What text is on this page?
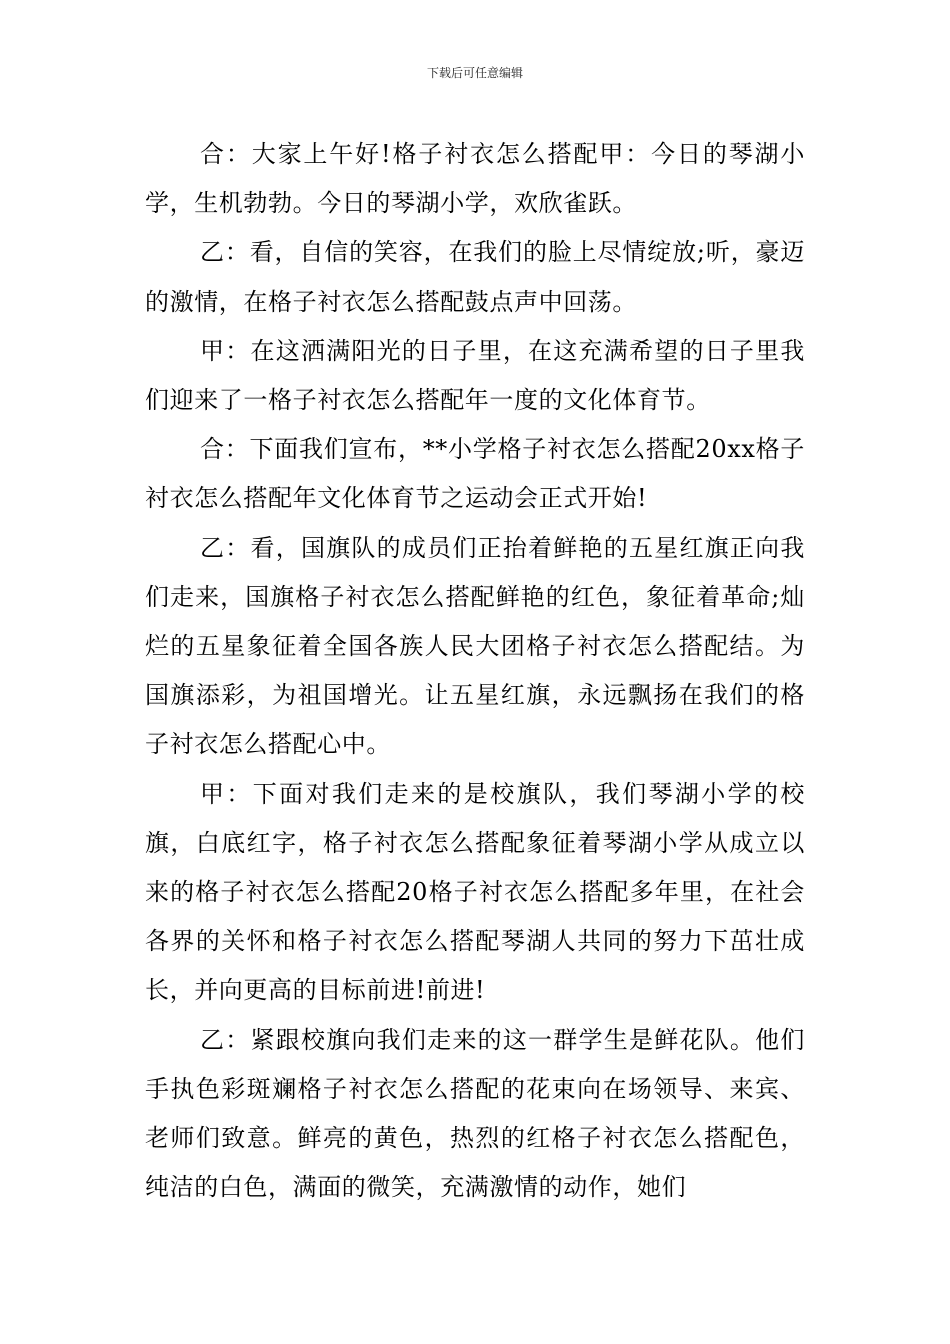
下载后可任意编辑

合：大家上午好!格子衬衣怎么搭配甲：今日的琴湖小学，生机勃勃。今日的琴湖小学，欢欣雀跃。

乙：看，自信的笑容，在我们的脸上尽情绽放;听，豪迈的激情，在格子衬衣怎么搭配鼓点声中回荡。

甲：在这洒满阳光的日子里，在这充满希望的日子里我们迎来了一格子衬衣怎么搭配年一度的文化体育节。

合：下面我们宣布，**小学格子衬衣怎么搭配20xx格子衬衣怎么搭配年文化体育节之运动会正式开始!

乙：看，国旗队的成员们正抬着鲜艳的五星红旗正向我们走来，国旗格子衬衣怎么搭配鲜艳的红色，象征着革命;灿烂的五星象征着全国各族人民大团格子衬衣怎么搭配结。为国旗添彩，为祖国增光。让五星红旗，永远飘扬在我们的格子衬衣怎么搭配心中。

甲：下面对我们走来的是校旗队，我们琴湖小学的校旗，白底红字，格子衬衣怎么搭配象征着琴湖小学从成立以来的格子衬衣怎么搭配20格子衬衣怎么搭配多年里，在社会各界的关怀和格子衬衣怎么搭配琴湖人共同的努力下茁壮成长，并向更高的目标前进!前进!

乙：紧跟校旗向我们走来的这一群学生是鲜花队。他们手执色彩斑斓格子衬衣怎么搭配的花束向在场领导、来宾、老师们致意。鲜亮的黄色，热烈的红格子衬衣怎么搭配色，纯洁的白色，满面的微笑，充满激情的动作，她们
